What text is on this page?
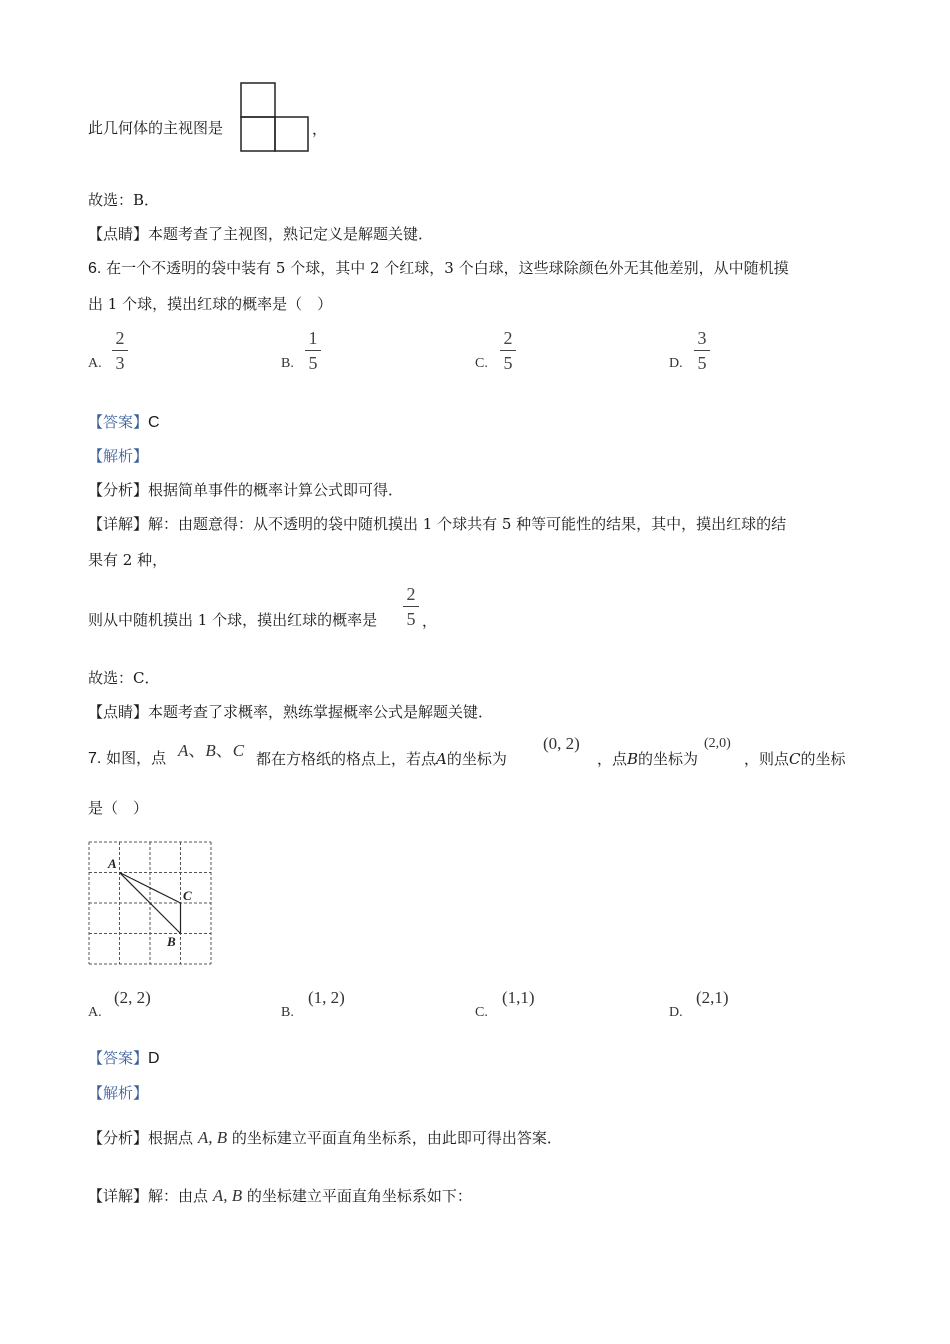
此几何体的主视图是	，
故选：B．
【点睛】本题考查了主视图，熟记定义是解题关键．
6. 在一个不透明的袋中装有 5 个球，其中 2 个红球，3 个白球，这些球除颜色外无其他差别，从中随机摸
出 1 个球，摸出红球的概率是（　）
A.
2
3	B.
1
5	C.
2
5	D.
3
5
【答案】C
【解析】
【分析】根据简单事件的概率计算公式即可得．
【详解】解：由题意得：从不透明的袋中随机摸出 1 个球共有 5 种等可能性的结果，其中，摸出红球的结
果有 2 种，
则从中随机摸出 1 个球，摸出红球的概率是
2
5 ，
故选：C．
【点睛】本题考查了求概率，熟练掌握概率公式是解题关键．
7. 如图，点 A、B、C 都在方格纸的格点上，若点A的坐标为
(0, 2)
，点B的坐标为
(2,0)
，则点C的坐标
是（　）
A
C
B
A.
(2, 2)
B.
(1, 2)
C.
(1,1)
D.
(2,1)
【答案】D
【解析】
【分析】根据点 A, B 的坐标建立平面直角坐标系，由此即可得出答案．
【详解】解：由点 A, B 的坐标建立平面直角坐标系如下：
